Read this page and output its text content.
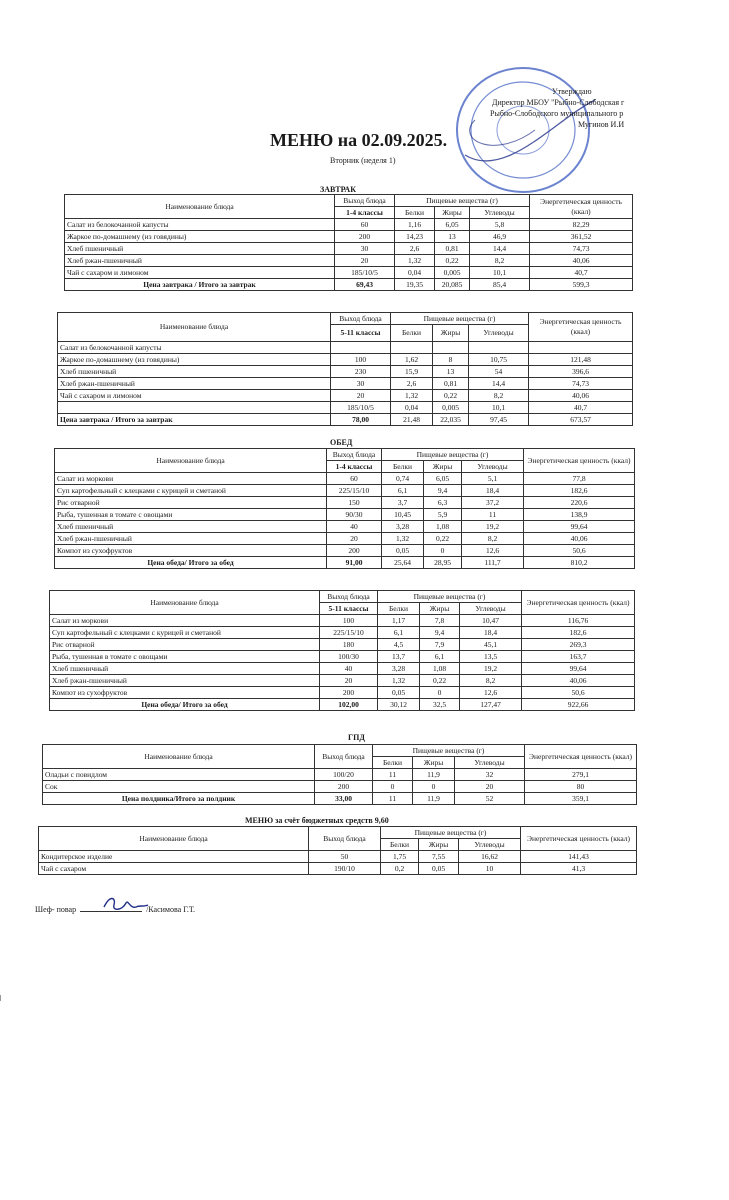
Утверждаю
Директор МБОУ "Рыбно-Слободская г
Рыбно-Слободского муниципального р
Мугинов И.И
МЕНЮ на 02.09.2025.
Вторник (неделя 1)
ЗАВТРАК
Наименование блюда	Выход блюда	Пищевые вещества (г)			Энергетическая ценность (ккал)
	1-4 классы	Белки	Жиры	Углеводы	
Салат из белокочанной капусты	60	1,16	6,05	5,8	82,29
Жаркое по-домашнему (из говядины)	200	14,23	13	46,9	361,52
Хлеб пшеничный	30	2,6	0,81	14,4	74,73
Хлеб ржан-пшеничный	20	1,32	0,22	8,2	40,06
Чай с сахаром и лимоном	185/10/5	0,04	0,005	10,1	40,7
Цена завтрака / Итого за завтрак	69,43	19,35	20,085	85,4	599,3
Наименование блюда	Выход блюда	Пищевые вещества (г)			Энергетическая ценность (ккал)
	5-11 классы	Белки	Жиры	Углеводы	
Салат из белокочанной капусты					
Жаркое по-домашнему (из говядины)	100	1,62	8	10,75	121,48
Хлеб пшеничный	230	15,9	13	54	396,6
Хлеб ржан-пшеничный	30	2,6	0,81	14,4	74,73
Чай с сахаром и лимоном	20	1,32	0,22	8,2	40,06
	185/10/5	0,04	0,005	10,1	40,7
Цена завтрака / Итого за завтрак	78,00	21,48	22,035	97,45	673,57
ОБЕД
Наименование блюда	Выход блюда	Пищевые вещества (г)			Энергетическая ценность (ккал)
	1-4 классы	Белки	Жиры	Углеводы	
Салат из моркови	60	0,74	6,05	5,1	77,8
Суп картофельный с клецками с курицей и сметаной	225/15/10	6,1	9,4	18,4	182,6
Рис отварной	150	3,7	6,3	37,2	220,6
Рыба, тушенная в томате с овощами	90/30	10,45	5,9	11	138,9
Хлеб пшеничный	40	3,28	1,08	19,2	99,64
Хлеб ржан-пшеничный	20	1,32	0,22	8,2	40,06
Компот из сухофруктов	200	0,05	0	12,6	50,6
Цена обеда/ Итого за обед	91,00	25,64	28,95	111,7	810,2
Наименование блюда	Выход блюда	Пищевые вещества (г)			Энергетическая ценность (ккал)
	5-11 классы	Белки	Жиры	Углеводы	
Салат из моркови	100	1,17	7,8	10,47	116,76
Суп картофельный с клецками с курицей и сметаной	225/15/10	6,1	9,4	18,4	182,6
Рис отварной	180	4,5	7,9	45,1	269,3
Рыба, тушенная в томате с овощами	100/30	13,7	6,1	13,5	163,7
Хлеб пшеничный	40	3,28	1,08	19,2	99,64
Хлеб ржан-пшеничный	20	1,32	0,22	8,2	40,06
Компот из сухофруктов	200	0,05	0	12,6	50,6
Цена обеда/ Итого за обед	102,00	30,12	32,5	127,47	922,66
ГПД
Наименование блюда	Выход блюда	Пищевые вещества (г)			Энергетическая ценность (ккал)
		Белки	Жиры	Углеводы	
Оладьи с повидлом	100/20	11	11,9	32	279,1
Сок	200	0	0	20	80
Цена полдника/Итого за полдник	33,00	11	11,9	52	359,1
МЕНЮ за счёт бюджетных средств 9,60
Наименование блюда	Выход блюда	Пищевые вещества (г)			Энергетическая ценность (ккал)
		Белки	Жиры	Углеводы	
Кондитерское изделие	50	1,75	7,55	16,62	141,43
Чай с сахаром	190/10	0,2	0,05	10	41,3
Шеф- повар	/Касимова Г.Т.
